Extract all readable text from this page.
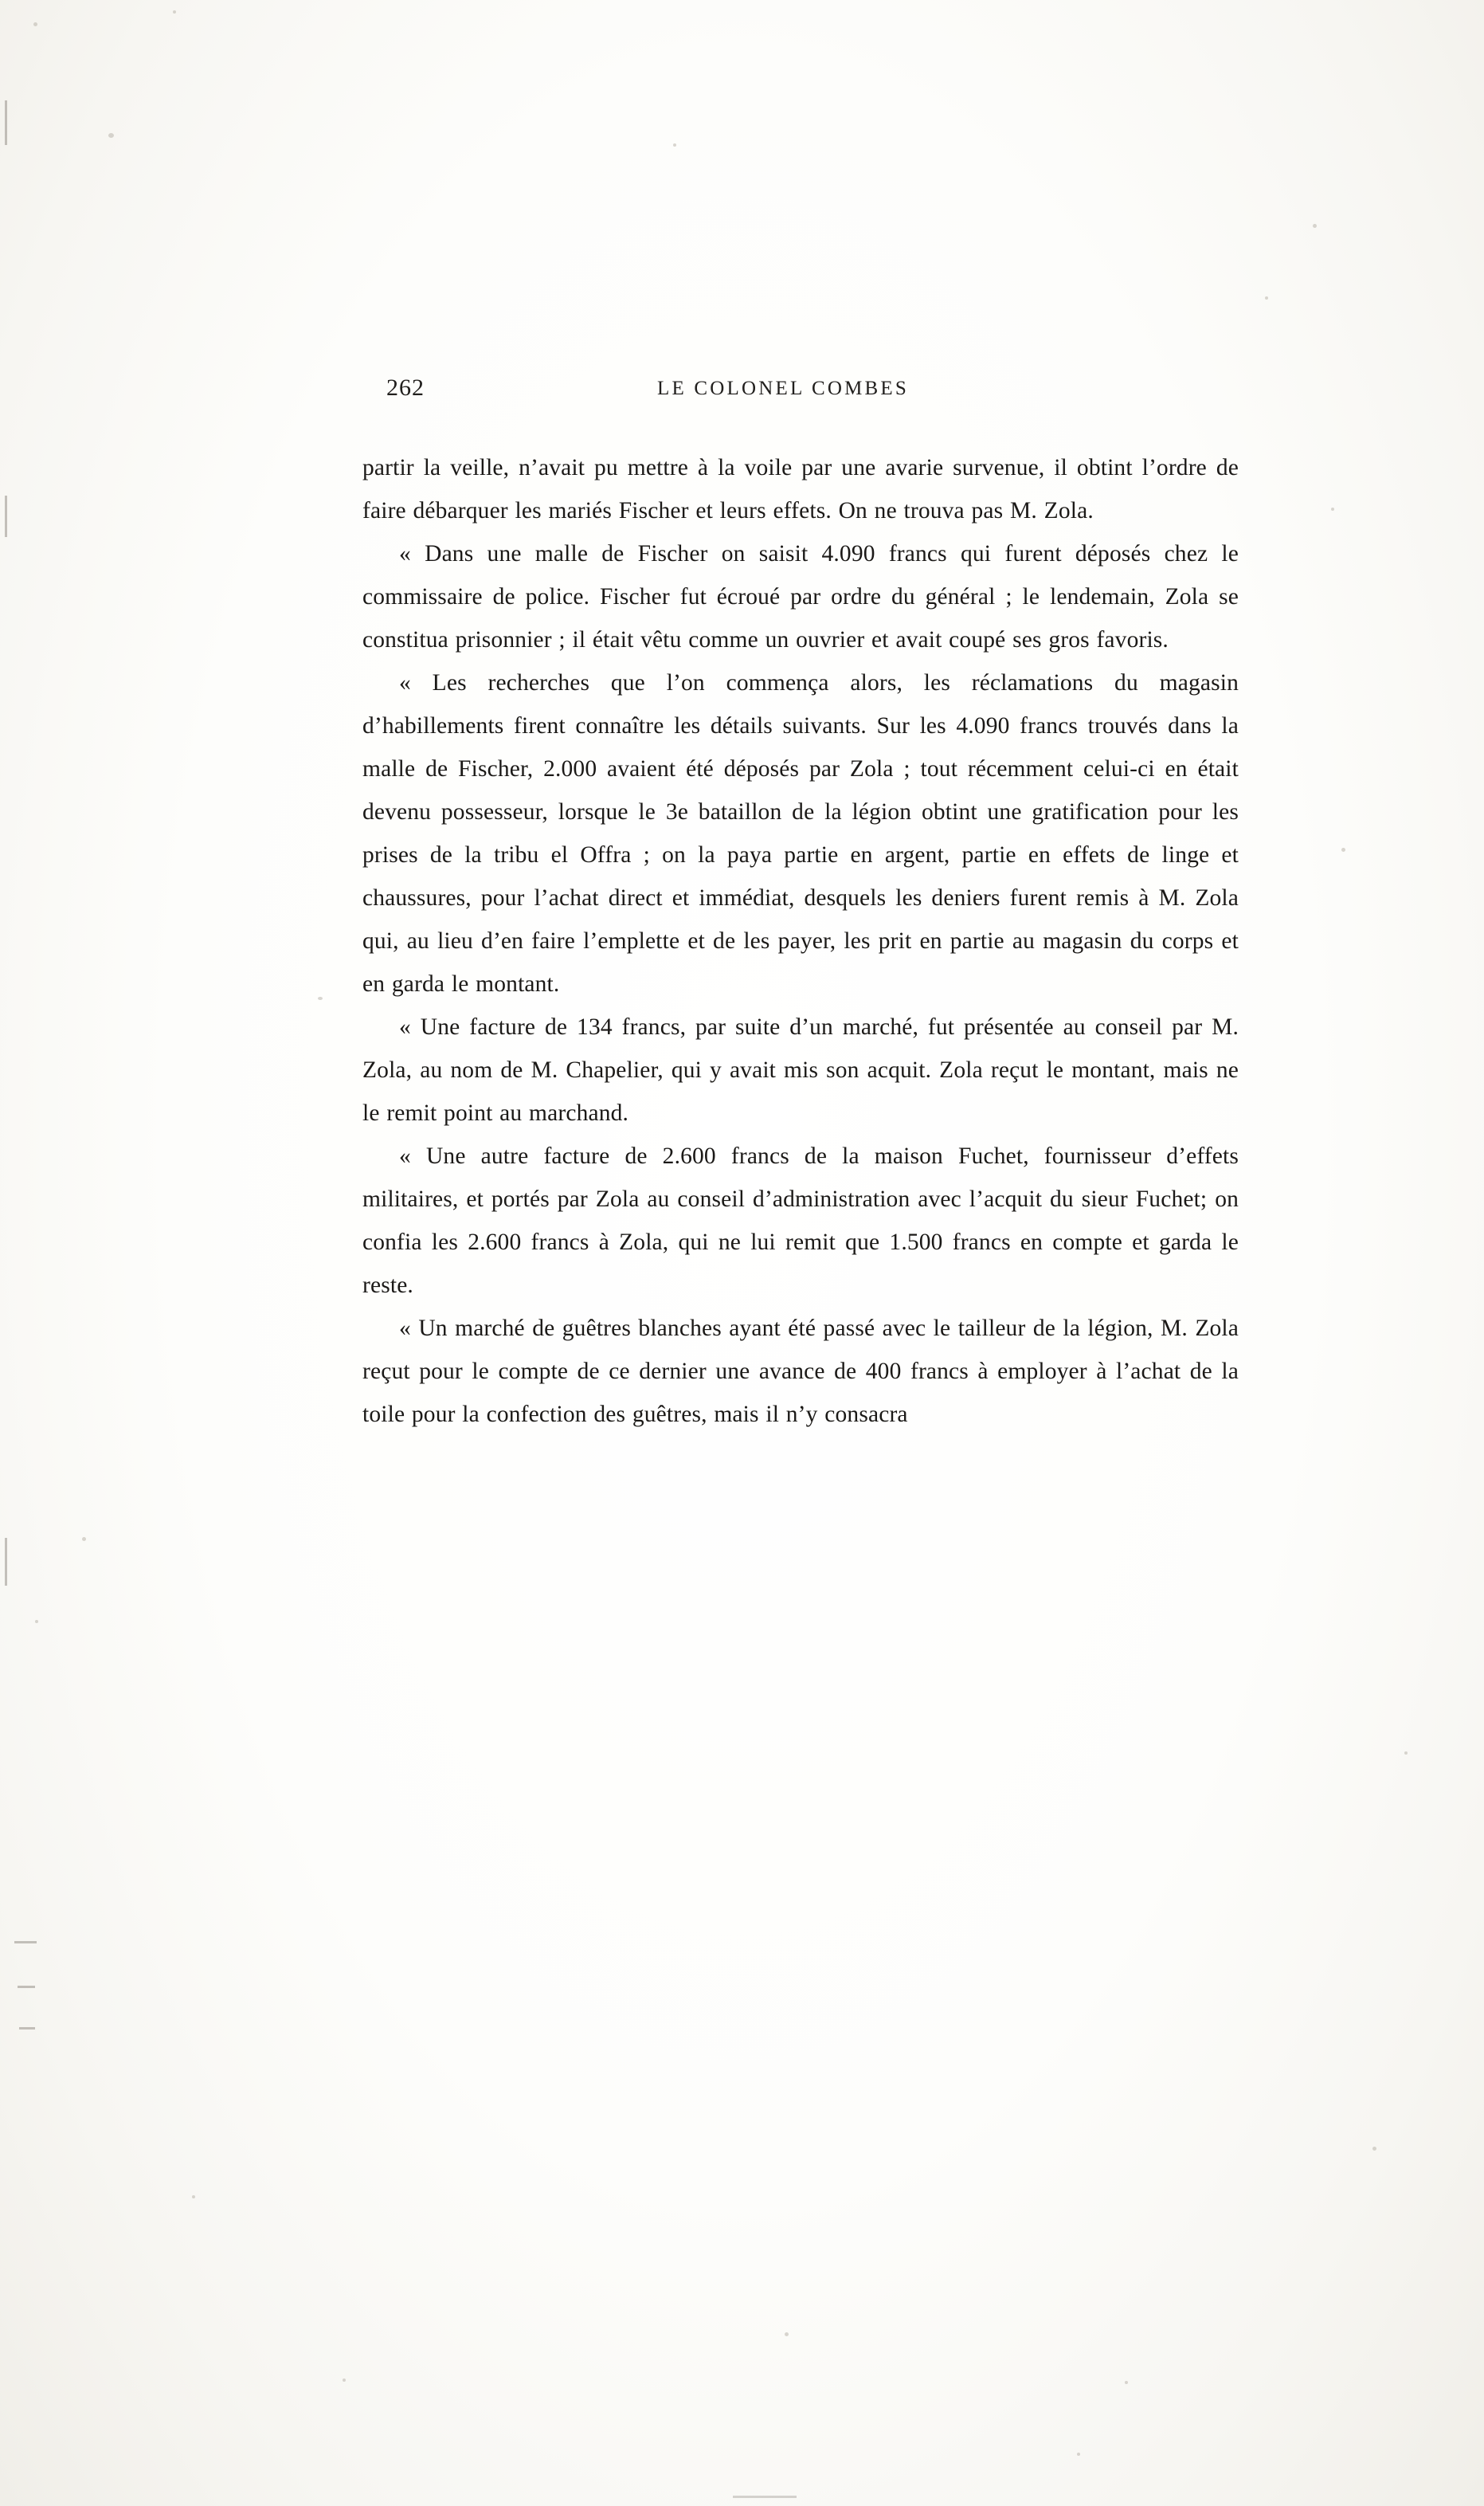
262	LE COLONEL COMBES

partir la veille, n’avait pu mettre à la voile par une avarie survenue, il obtint l’ordre de faire débarquer les mariés Fischer et leurs effets. On ne trouva pas M. Zola.

« Dans une malle de Fischer on saisit 4.090 francs qui furent déposés chez le commissaire de police. Fischer fut écroué par ordre du général ; le lendemain, Zola se constitua prisonnier ; il était vêtu comme un ouvrier et avait coupé ses gros favoris.

« Les recherches que l’on commença alors, les réclamations du magasin d’habillements firent connaître les détails suivants. Sur les 4.090 francs trouvés dans la malle de Fischer, 2.000 avaient été déposés par Zola ; tout récemment celui-ci en était devenu possesseur, lorsque le 3e bataillon de la légion obtint une gratification pour les prises de la tribu el Offra ; on la paya partie en argent, partie en effets de linge et chaussures, pour l’achat direct et immédiat, desquels les deniers furent remis à M. Zola qui, au lieu d’en faire l’emplette et de les payer, les prit en partie au magasin du corps et en garda le montant.

« Une facture de 134 francs, par suite d’un marché, fut présentée au conseil par M. Zola, au nom de M. Chapelier, qui y avait mis son acquit. Zola reçut le montant, mais ne le remit point au marchand.

« Une autre facture de 2.600 francs de la maison Fuchet, fournisseur d’effets militaires, et portés par Zola au conseil d’administration avec l’acquit du sieur Fuchet; on confia les 2.600 francs à Zola, qui ne lui remit que 1.500 francs en compte et garda le reste.

« Un marché de guêtres blanches ayant été passé avec le tailleur de la légion, M. Zola reçut pour le compte de ce dernier une avance de 400 francs à employer à l’achat de la toile pour la confection des guêtres, mais il n’y consacra
